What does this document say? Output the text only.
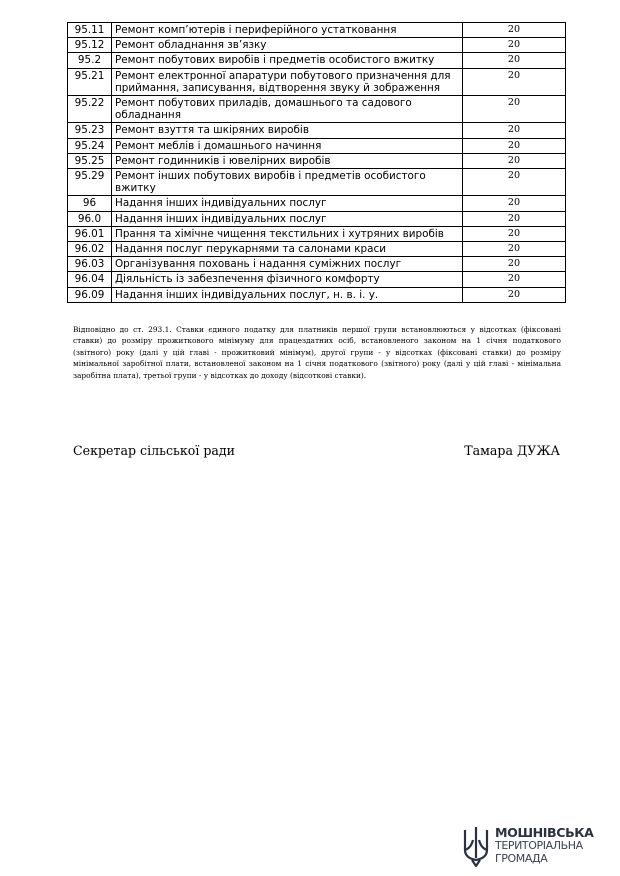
95.11	Ремонт комп’ютерів і периферійного устатковання	20
95.12	Ремонт обладнання зв’язку	20
95.2	Ремонт побутових виробів і предметів особистого вжитку	20
95.21	Ремонт електронної апаратури побутового призначення для приймання, записування, відтворення звуку й зображення	20
95.22	Ремонт побутових приладів, домашнього та садового обладнання	20
95.23	Ремонт взуття та шкіряних виробів	20
95.24	Ремонт меблів і домашнього начиння	20
95.25	Ремонт годинників і ювелірних виробів	20
95.29	Ремонт інших побутових виробів і предметів особистого вжитку	20
96	Надання інших індивідуальних послуг	20
96.0	Надання інших індивідуальних послуг	20
96.01	Прання та хімічне чищення текстильних і хутряних виробів	20
96.02	Надання послуг перукарнями та салонами краси	20
96.03	Організування поховань і надання суміжних послуг	20
96.04	Діяльність із забезпечення фізичного комфорту	20
96.09	Надання інших індивідуальних послуг, н. в. і. у.	20

Відповідно до ст. 293.1. Ставки єдиного податку для платників першої групи встановлюються у відсотках (фіксовані ставки) до розміру прожиткового мінімуму для працездатних осіб, встановленого законом на 1 січня податкового (звітного) року (далі у цій главі - прожитковий мінімум), другої групи - у відсотках (фіксовані ставки) до розміру мінімальної заробітної плати, встановленої законом на 1 січня податкового (звітного) року (далі у цій главі - мінімальна заробітна плата), третьої групи - у відсотках до доходу (відсоткові ставки).

Секретар сільської ради	Тамара ДУЖА
МОШНІВСЬКА
ТЕРИТОРІАЛЬНА
ГРОМАДА
